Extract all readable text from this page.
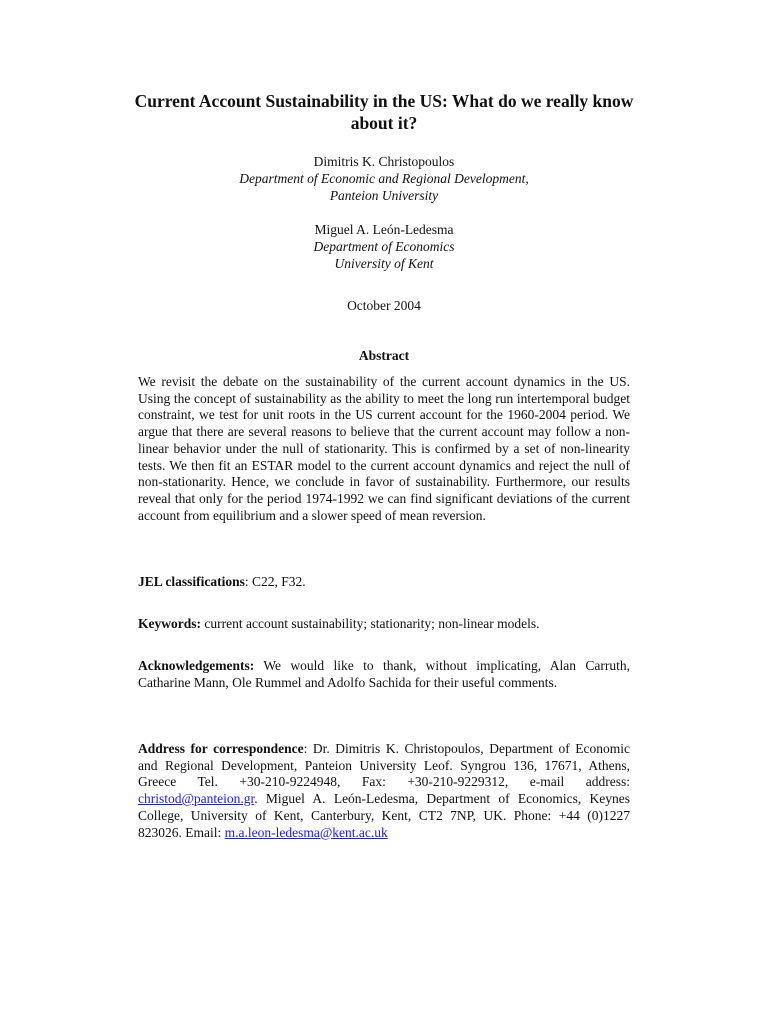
Current Account Sustainability in the US: What do we really know about it?
Dimitris K. Christopoulos
Department of Economic and Regional Development,
Panteion University
Miguel A. León-Ledesma
Department of Economics
University of Kent
October 2004
Abstract
We revisit the debate on the sustainability of the current account dynamics in the US. Using the concept of sustainability as the ability to meet the long run intertemporal budget constraint, we test for unit roots in the US current account for the 1960-2004 period. We argue that there are several reasons to believe that the current account may follow a non-linear behavior under the null of stationarity. This is confirmed by a set of non-linearity tests. We then fit an ESTAR model to the current account dynamics and reject the null of non-stationarity. Hence, we conclude in favor of sustainability. Furthermore, our results reveal that only for the period 1974-1992 we can find significant deviations of the current account from equilibrium and a slower speed of mean reversion.
JEL classifications: C22, F32.
Keywords: current account sustainability; stationarity; non-linear models.
Acknowledgements: We would like to thank, without implicating, Alan Carruth, Catharine Mann, Ole Rummel and Adolfo Sachida for their useful comments.
Address for correspondence: Dr. Dimitris K. Christopoulos, Department of Economic and Regional Development, Panteion University Leof. Syngrou 136, 17671, Athens, Greece Tel. +30-210-9224948, Fax: +30-210-9229312, e-mail address: christod@panteion.gr. Miguel A. León-Ledesma, Department of Economics, Keynes College, University of Kent, Canterbury, Kent, CT2 7NP, UK. Phone: +44 (0)1227 823026. Email: m.a.leon-ledesma@kent.ac.uk
